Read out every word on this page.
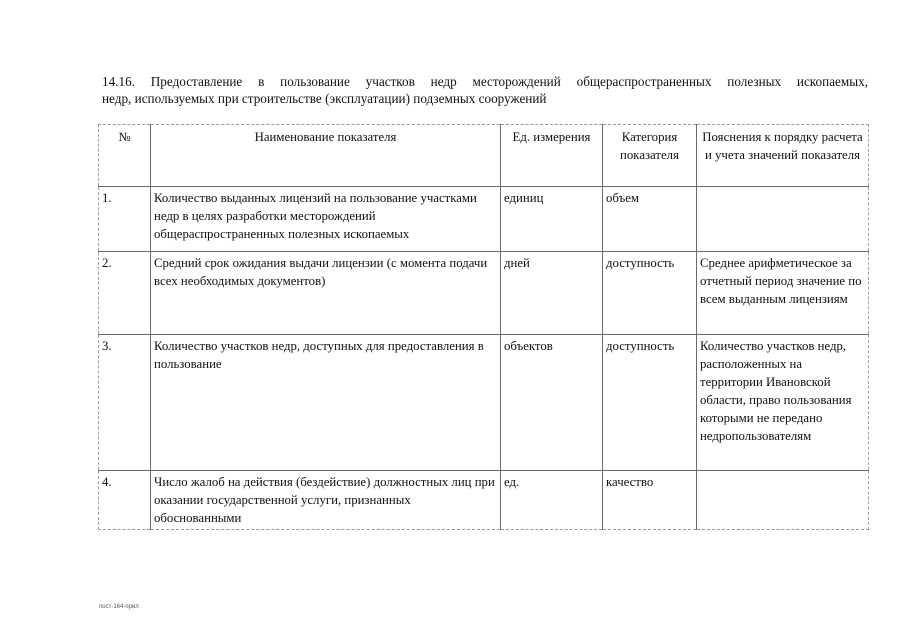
14.16. Предоставление в пользование участков недр месторождений общераспространенных полезных ископаемых,
недр, используемых при строительстве (эксплуатации) подземных сооружений
№	Наименование показателя	Ед. измерения	Категория показателя	Пояснения к порядку расчета и учета значений показателя
1.	Количество выданных лицензий на пользование участками недр в целях разработки месторождений общераспространенных полезных ископаемых	единиц	объем	
2.	Средний срок ожидания выдачи лицензии (с момента подачи всех необходимых документов)	дней	доступность	Среднее арифметическое за отчетный период значение по всем выданным лицензиям
3.	Количество участков недр, доступных для предоставления в пользование	объектов	доступность	Количество участков недр, расположенных на территории Ивановской области, право пользования которыми не передано недропользователям
4.	Число жалоб на действия (бездействие) должностных лиц при оказании государственной услуги, признанных обоснованными	ед.	качество	
пост-164-прил
